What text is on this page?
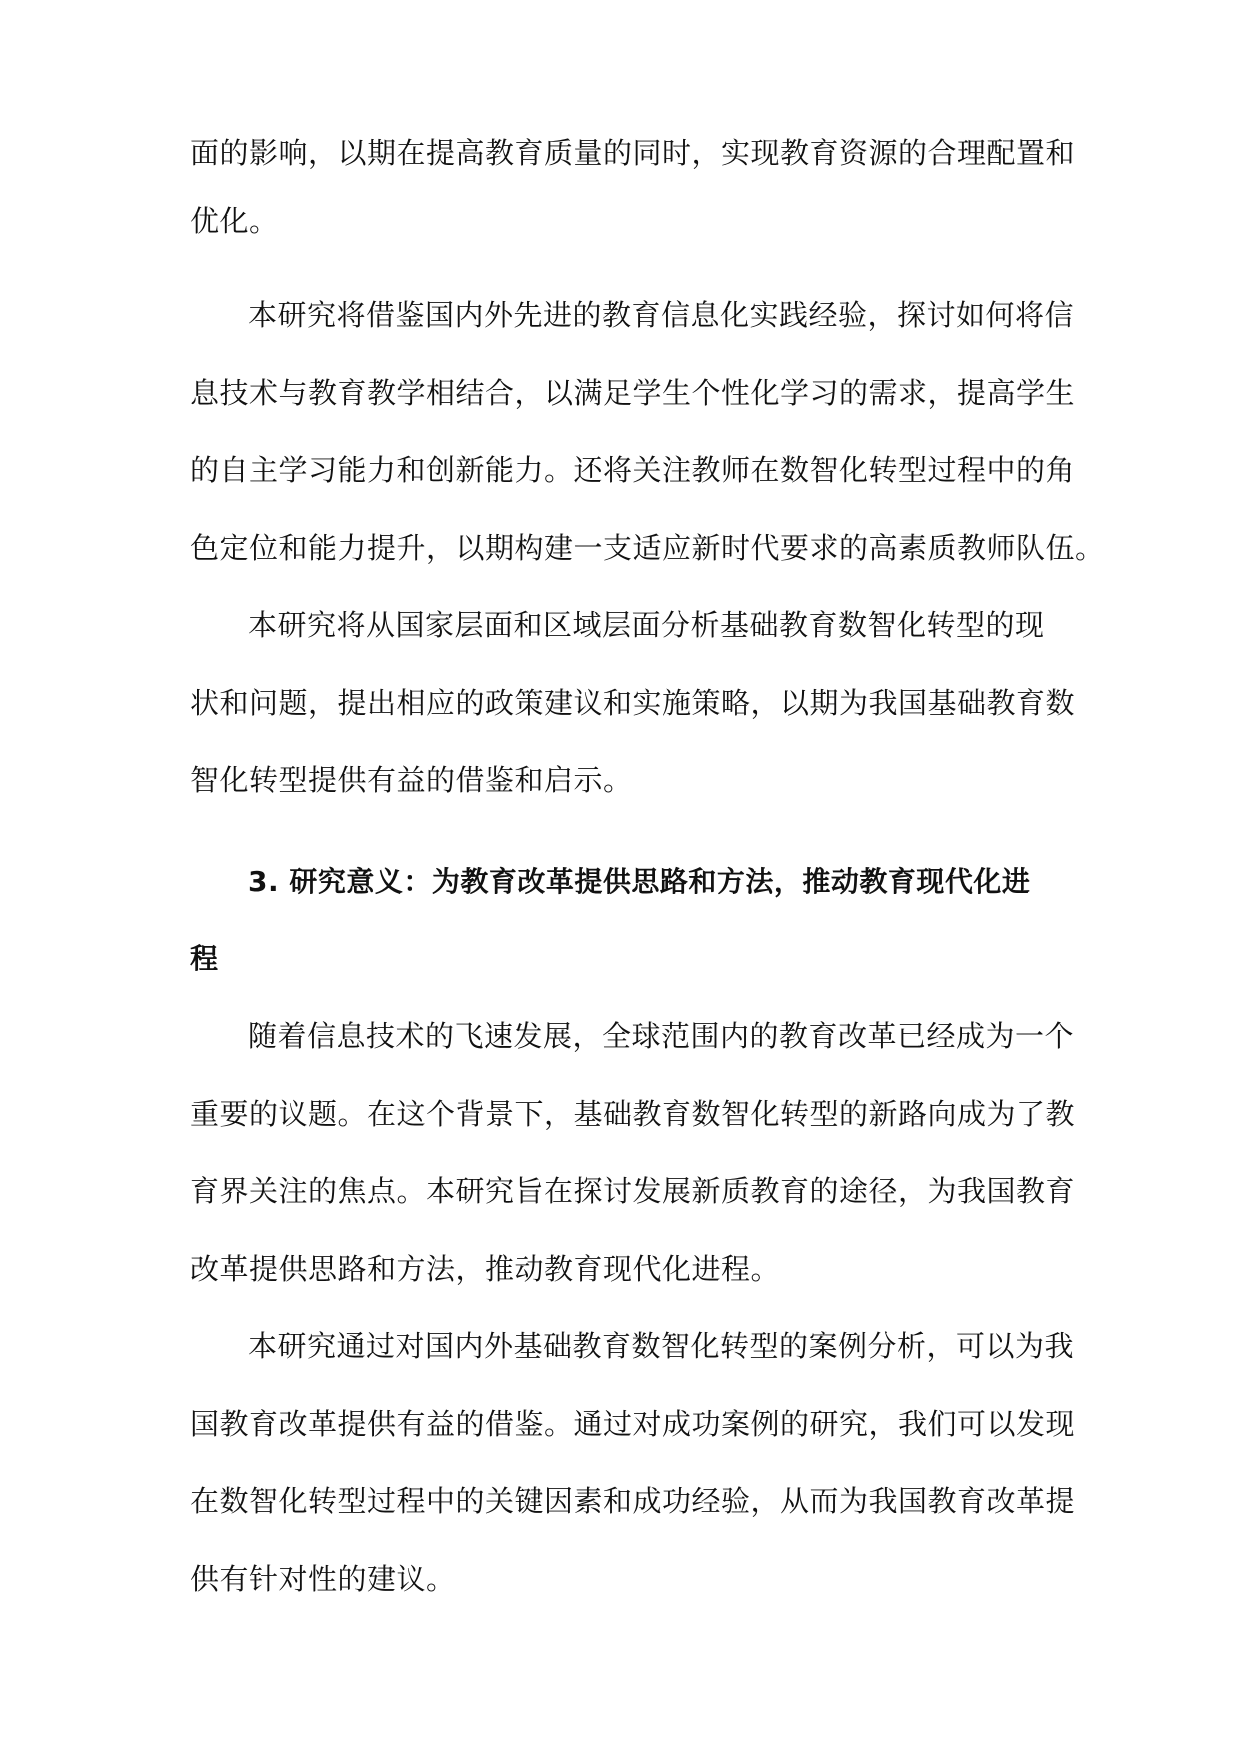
面的影响，以期在提高教育质量的同时，实现教育资源的合理配置和
优化。
本研究将借鉴国内外先进的教育信息化实践经验，探讨如何将信
息技术与教育教学相结合，以满足学生个性化学习的需求，提高学生
的自主学习能力和创新能力。还将关注教师在数智化转型过程中的角
色定位和能力提升，以期构建一支适应新时代要求的高素质教师队伍。
本研究将从国家层面和区域层面分析基础教育数智化转型的现
状和问题，提出相应的政策建议和实施策略，以期为我国基础教育数
智化转型提供有益的借鉴和启示。
3. 研究意义：为教育改革提供思路和方法，推动教育现代化进
程
随着信息技术的飞速发展，全球范围内的教育改革已经成为一个
重要的议题。在这个背景下，基础教育数智化转型的新路向成为了教
育界关注的焦点。本研究旨在探讨发展新质教育的途径，为我国教育
改革提供思路和方法，推动教育现代化进程。
本研究通过对国内外基础教育数智化转型的案例分析，可以为我
国教育改革提供有益的借鉴。通过对成功案例的研究，我们可以发现
在数智化转型过程中的关键因素和成功经验，从而为我国教育改革提
供有针对性的建议。
